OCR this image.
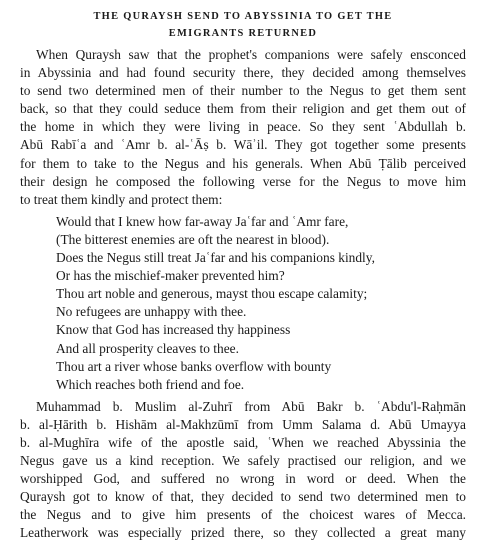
THE QURAYSH SEND TO ABYSSINIA TO GET THE
EMIGRANTS RETURNED

When Quraysh saw that the prophet's companions were safely ensconced
in Abyssinia and had found security there, they decided among themselves
to send two determined men of their number to the Negus to get them sent
back, so that they could seduce them from their religion and get them out of
the home in which they were living in peace. So they sent ʿAbdullah b.
Abū Rabīʿa and ʿAmr b. al-ʿĀṣ b. Wāʾil. They got together some presents
for them to take to the Negus and his generals. When Abū Ṭālib perceived
their design he composed the following verse for the Negus to move him
to treat them kindly and protect them:

Would that I knew how far-away Jaʿfar and ʿAmr fare,
(The bitterest enemies are oft the nearest in blood).
Does the Negus still treat Jaʿfar and his companions kindly,
Or has the mischief-maker prevented him?
Thou art noble and generous, mayst thou escape calamity;
No refugees are unhappy with thee.
Know that God has increased thy happiness
And all prosperity cleaves to thee.
Thou art a river whose banks overflow with bounty
Which reaches both friend and foe.

Muhammad b. Muslim al-Zuhrī from Abū Bakr b. ʿAbdu'l-Raḥmān
b. al-Ḥārith b. Hishām al-Makhzūmī from Umm Salama d. Abū Umayya
b. al-Mughīra wife of the apostle said, ʿWhen we reached Abyssinia the
Negus gave us a kind reception. We safely practised our religion, and we
worshipped God, and suffered no wrong in word or deed. When the
Quraysh got to know of that, they decided to send two determined men to
the Negus and to give him presents of the choicest wares of Mecca.
Leatherwork was especially prized there, so they collected a great many
